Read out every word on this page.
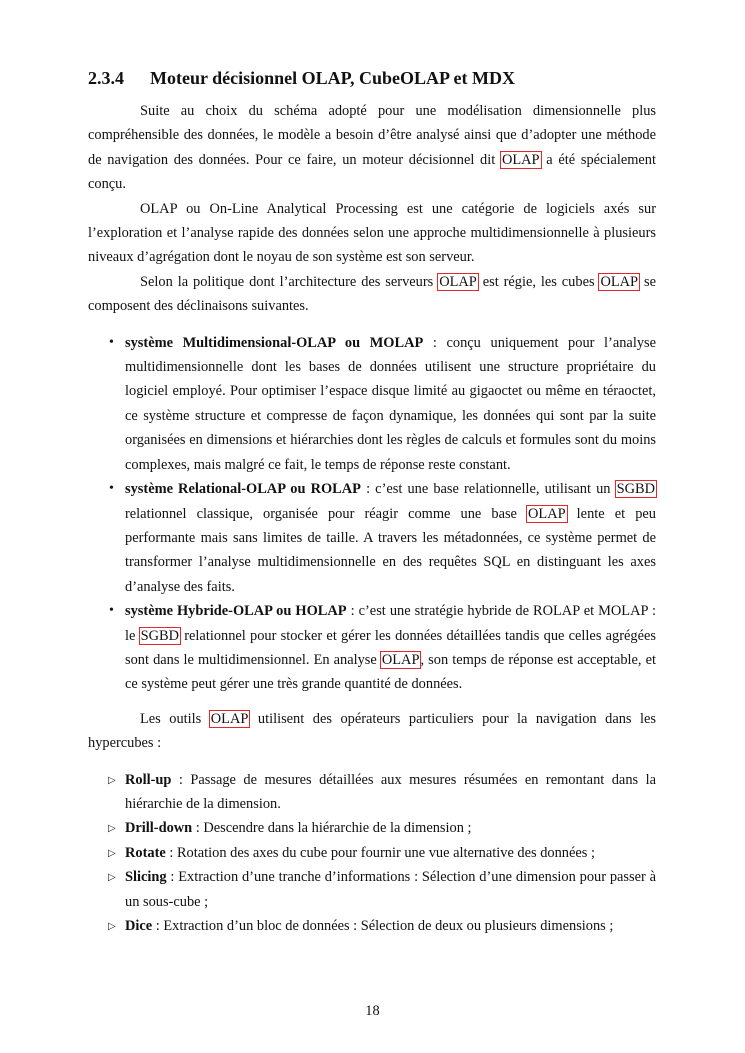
2.3.4 Moteur décisionnel OLAP, CubeOLAP et MDX

Suite au choix du schéma adopté pour une modélisation dimensionnelle plus compréhensible des données, le modèle a besoin d’être analysé ainsi que d’adopter une méthode de navigation des données. Pour ce faire, un moteur décisionnel dit OLAP a été spécialement conçu.

OLAP ou On-Line Analytical Processing est une catégorie de logiciels axés sur l’exploration et l’analyse rapide des données selon une approche multidimensionnelle à plusieurs niveaux d’agrégation dont le noyau de son système est son serveur.

Selon la politique dont l’architecture des serveurs OLAP est régie, les cubes OLAP se composent des déclinaisons suivantes.

• système Multidimensional-OLAP ou MOLAP : conçu uniquement pour l’analyse multidimensionnelle dont les bases de données utilisent une structure propriétaire du logiciel employé. Pour optimiser l’espace disque limité au gigaoctet ou même en téraoctet, ce système structure et compresse de façon dynamique, les données qui sont par la suite organisées en dimensions et hiérarchies dont les règles de calculs et formules sont du moins complexes, mais malgré ce fait, le temps de réponse reste constant.
• système Relational-OLAP ou ROLAP : c’est une base relationnelle, utilisant un SGBD relationnel classique, organisée pour réagir comme une base OLAP lente et peu performante mais sans limites de taille. A travers les métadonnées, ce système permet de transformer l’analyse multidimensionnelle en des requêtes SQL en distinguant les axes d’analyse des faits.
• système Hybride-OLAP ou HOLAP : c’est une stratégie hybride de ROLAP et MOLAP : le SGBD relationnel pour stocker et gérer les données détaillées tandis que celles agrégées sont dans le multidimensionnel. En analyse OLAP, son temps de réponse est acceptable, et ce système peut gérer une très grande quantité de données.

Les outils OLAP utilisent des opérateurs particuliers pour la navigation dans les hypercubes :

▷ Roll-up : Passage de mesures détaillées aux mesures résumées en remontant dans la hiérarchie de la dimension.
▷ Drill-down : Descendre dans la hiérarchie de la dimension ;
▷ Rotate : Rotation des axes du cube pour fournir une vue alternative des données ;
▷ Slicing : Extraction d’une tranche d’informations : Sélection d’une dimension pour passer à un sous-cube ;
▷ Dice : Extraction d’un bloc de données : Sélection de deux ou plusieurs dimensions ;
18
